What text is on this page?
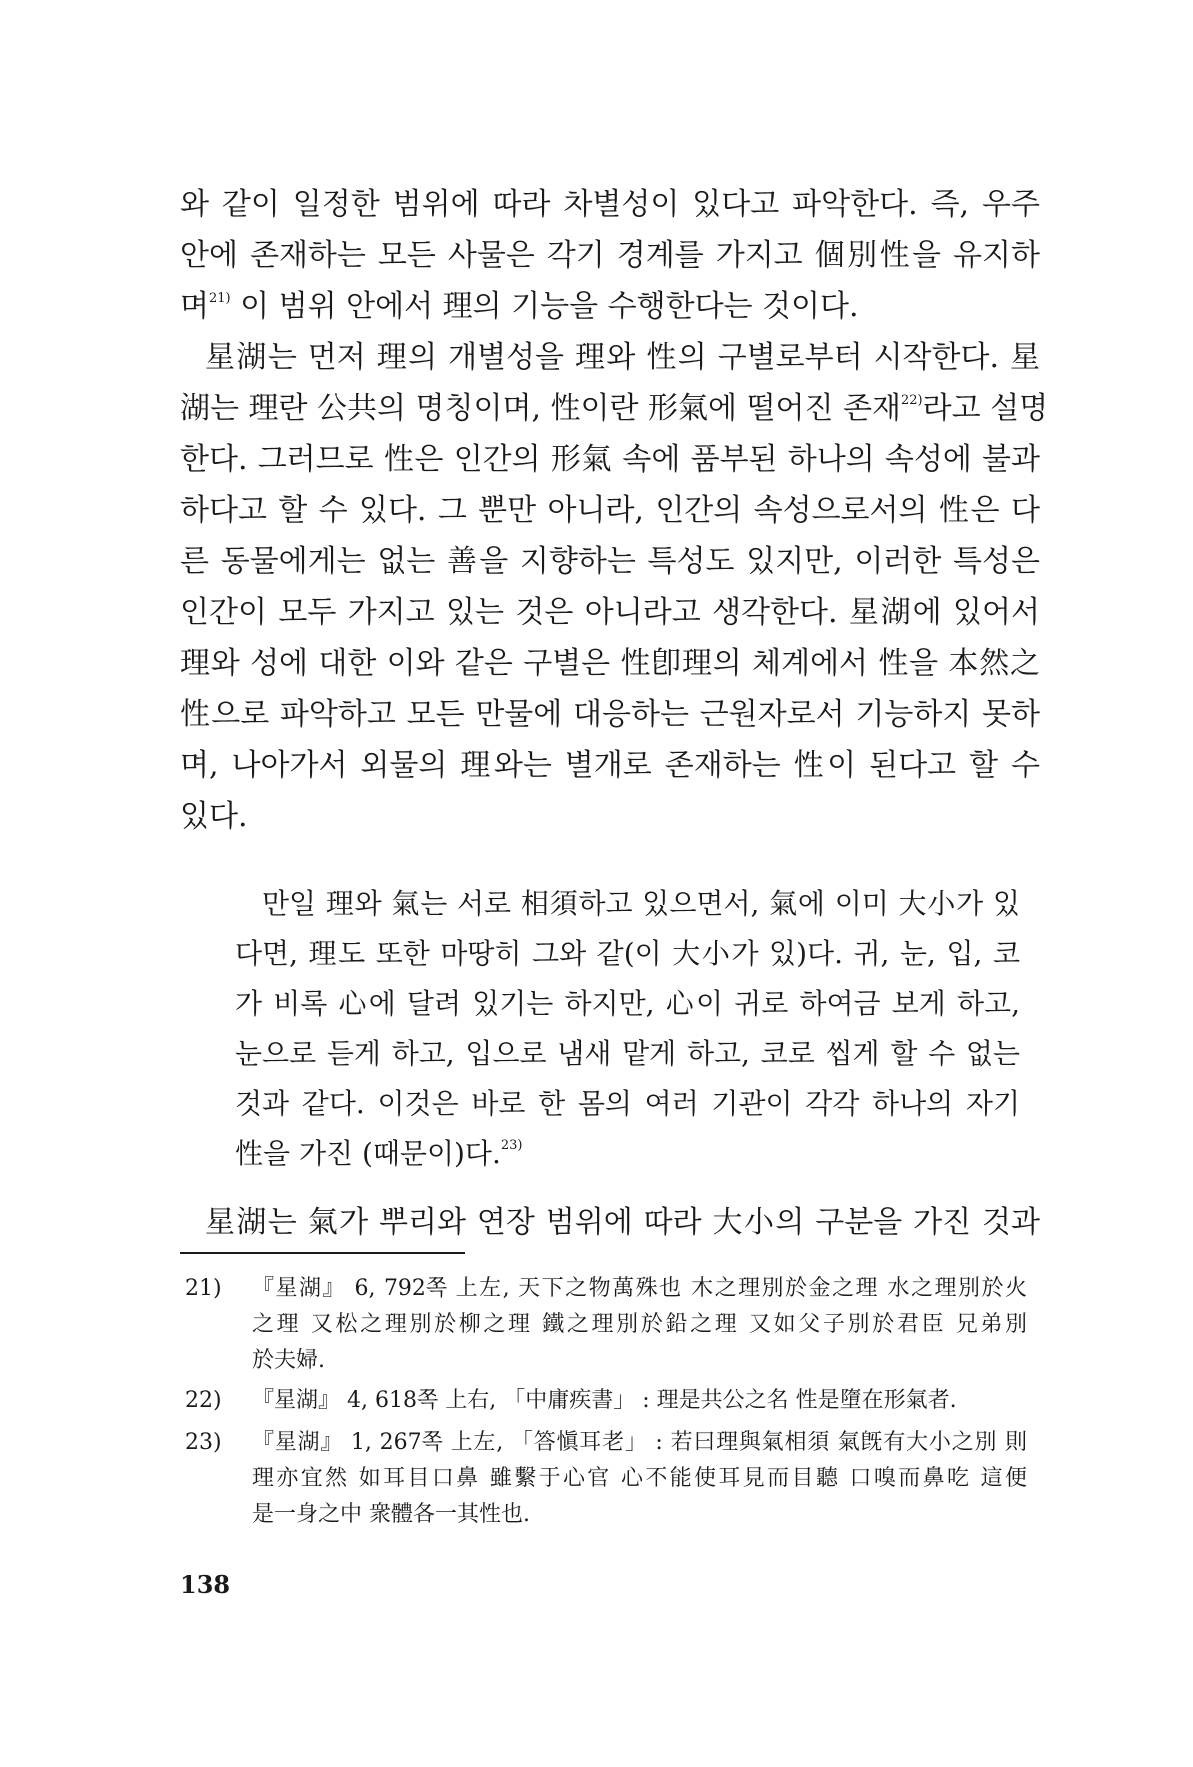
와 같이 일정한 범위에 따라 차별성이 있다고 파악한다. 즉, 우주
안에 존재하는 모든 사물은 각기 경계를 가지고 個別性을 유지하
며$^{21)}$ 이 범위 안에서 理의 기능을 수행한다는 것이다.
星湖는 먼저 理의 개별성을 理와 性의 구별로부터 시작한다. 星
湖는 理란 公共의 명칭이며, 性이란 形氣에 떨어진 존재$^{22)}$라고 설명
한다. 그러므로 性은 인간의 形氣 속에 품부된 하나의 속성에 불과
하다고 할 수 있다. 그 뿐만 아니라, 인간의 속성으로서의 性은 다
른 동물에게는 없는 善을 지향하는 특성도 있지만, 이러한 특성은
인간이 모두 가지고 있는 것은 아니라고 생각한다. 星湖에 있어서
理와 성에 대한 이와 같은 구별은 性卽理의 체계에서 性을 本然之
性으로 파악하고 모든 만물에 대응하는 근원자로서 기능하지 못하
며, 나아가서 외물의 理와는 별개로 존재하는 性이 된다고 할 수
있다.
만일 理와 氣는 서로 相須하고 있으면서, 氣에 이미 大小가 있
다면, 理도 또한 마땅히 그와 같(이 大小가 있)다. 귀, 눈, 입, 코
가 비록 心에 달려 있기는 하지만, 心이 귀로 하여금 보게 하고,
눈으로 듣게 하고, 입으로 냄새 맡게 하고, 코로 씹게 할 수 없는
것과 같다. 이것은 바로 한 몸의 여러 기관이 각각 하나의 자기
性을 가진 (때문이)다.$^{23)}$
星湖는 氣가 뿌리와 연장 범위에 따라 大小의 구분을 가진 것과
21) 『星湖』 6, 792쪽 上左, 天下之物萬殊也 木之理別於金之理 水之理別於火
之理 又松之理別於柳之理 鐵之理別於鉛之理 又如父子別於君臣 兄弟別
於夫婦.
22) 『星湖』 4, 618쪽 上右, 「中庸疾書」 : 理是共公之名 性是墮在形氣者.
23) 『星湖』 1, 267쪽 上左, 「答愼耳老」 : 若曰理與氣相須 氣旣有大小之別 則
理亦宜然 如耳目口鼻 雖繫于心官 心不能使耳見而目聽 口嗅而鼻吃 這便
是一身之中 衆體各一其性也.
138
